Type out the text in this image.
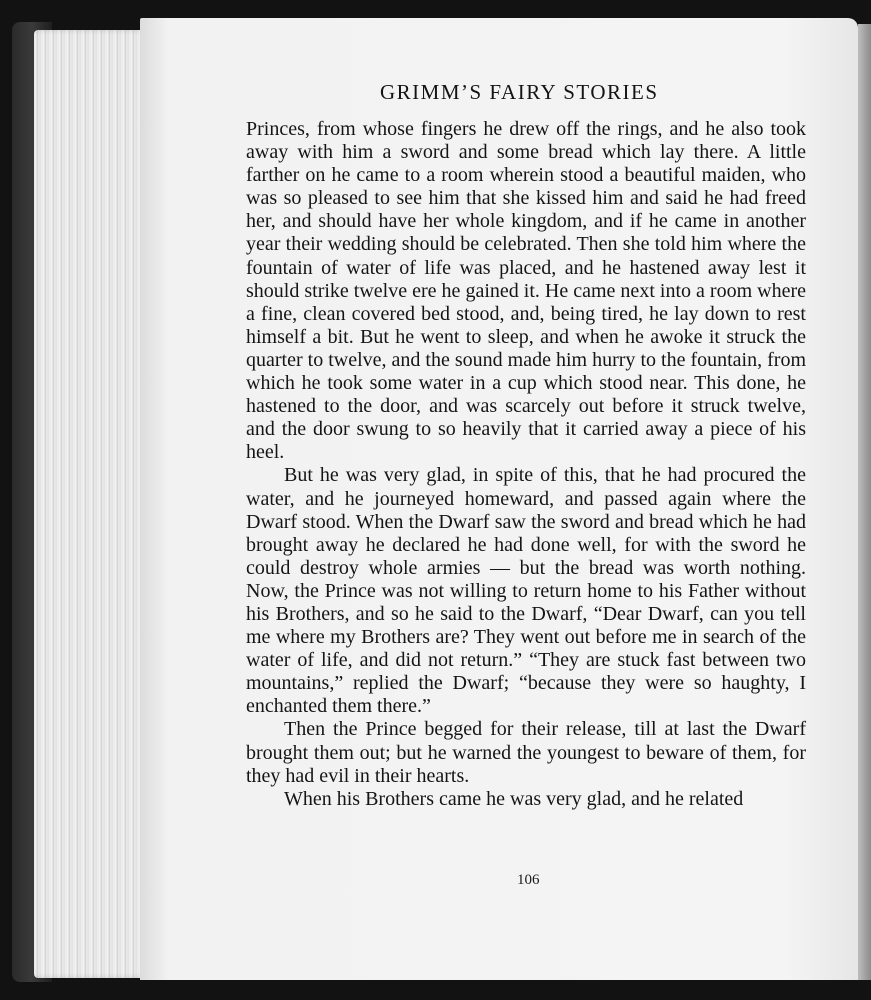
GRIMM’S FAIRY STORIES

Princes, from whose fingers he drew off the rings, and he also took away with him a sword and some bread which lay there. A little farther on he came to a room wherein stood a beautiful maiden, who was so pleased to see him that she kissed him and said he had freed her, and should have her whole kingdom, and if he came in another year their wedding should be celebrated. Then she told him where the fountain of water of life was placed, and he hastened away lest it should strike twelve ere he gained it. He came next into a room where a fine, clean covered bed stood, and, being tired, he lay down to rest himself a bit. But he went to sleep, and when he awoke it struck the quarter to twelve, and the sound made him hurry to the fountain, from which he took some water in a cup which stood near. This done, he hastened to the door, and was scarcely out before it struck twelve, and the door swung to so heavily that it carried away a piece of his heel.

But he was very glad, in spite of this, that he had procured the water, and he journeyed homeward, and passed again where the Dwarf stood. When the Dwarf saw the sword and bread which he had brought away he declared he had done well, for with the sword he could destroy whole armies — but the bread was worth nothing. Now, the Prince was not willing to return home to his Father without his Brothers, and so he said to the Dwarf, “Dear Dwarf, can you tell me where my Brothers are? They went out before me in search of the water of life, and did not return.” “They are stuck fast between two mountains,” replied the Dwarf; “because they were so haughty, I enchanted them there.”

Then the Prince begged for their release, till at last the Dwarf brought them out; but he warned the youngest to beware of them, for they had evil in their hearts.

When his Brothers came he was very glad, and he related

106
